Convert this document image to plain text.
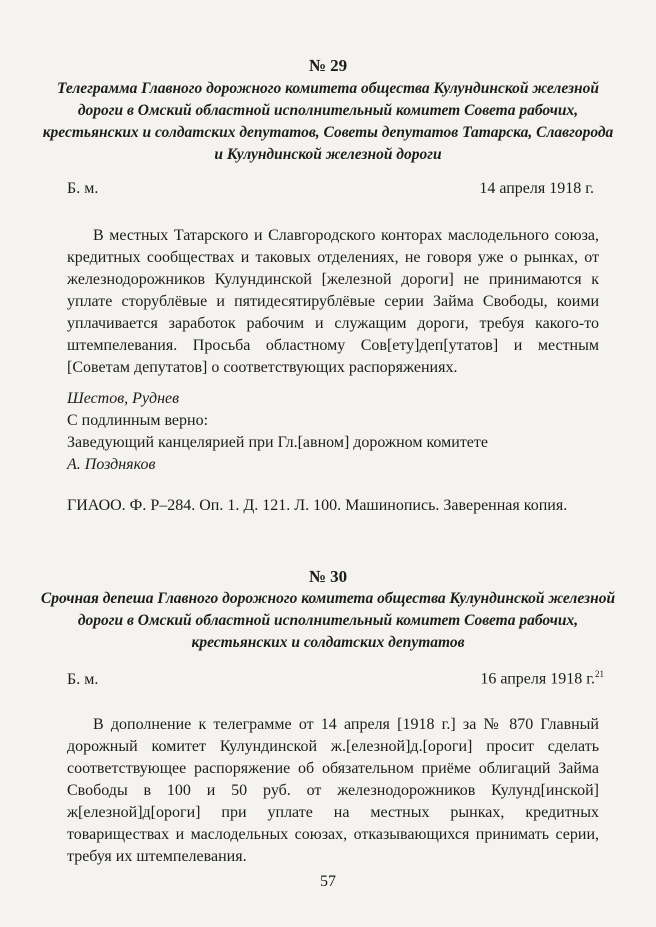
№ 29
Телеграмма Главного дорожного комитета общества Кулундинской железной дороги в Омский областной исполнительный комитет Совета рабочих, крестьянских и солдатских депутатов, Советы депутатов Татарска, Славгорода и Кулундинской железной дороги
Б. м.	14 апреля 1918 г.
В местных Татарского и Славгородского конторах маслодельного союза, кредитных сообществах и таковых отделениях, не говоря уже о рынках, от железнодорожников Кулундинской [железной дороги] не принимаются к уплате сторублёвые и пятидесятирублёвые серии Займа Свободы, коими уплачивается заработок рабочим и служащим дороги, требуя какого-то штемпелевания. Просьба областному Сов[ету]деп[утатов] и местным [Советам депутатов] о соответствующих распоряжениях.
Шестов, Руднев
С подлинным верно:
Заведующий канцелярией при Гл.[авном] дорожном комитете
А. Поздняков
ГИАОО. Ф. Р–284. Оп. 1. Д. 121. Л. 100. Машинопись. Заверенная копия.
№ 30
Срочная депеша Главного дорожного комитета общества Кулундинской железной дороги в Омский областной исполнительный комитет Совета рабочих, крестьянских и солдатских депутатов
Б. м.	16 апреля 1918 г.$^{21}$
В дополнение к телеграмме от 14 апреля [1918 г.] за № 870 Главный дорожный комитет Кулундинской ж.[елезной]д.[ороги] просит сделать соответствующее распоряжение об обязательном приёме облигаций Займа Свободы в 100 и 50 руб. от железнодорожников Кулунд[инской] ж[елезной]д[ороги] при уплате на местных рынках, кредитных товариществах и маслодельных союзах, отказывающихся принимать серии, требуя их штемпелевания.
57
